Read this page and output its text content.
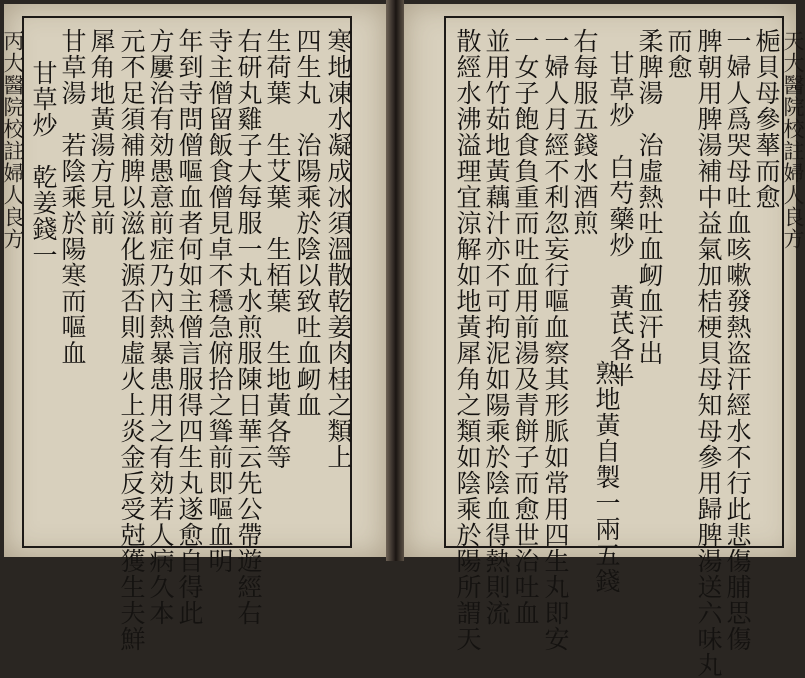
丙大醫院校註婦人良方	寒地凍水凝成冰須溫散乾姜肉桂之類上
四生丸　治陽乘於陰以致吐血衂血
生荷葉　生艾葉　生栢葉　生地黃各等
右研丸雞子大每服一丸水煎服陳日華云先公帶遊經右
寺主僧留飯食僧見卓不穩急俯拾之聳前即嘔血明
年到寺問僧嘔血者何如主僧言服得四生丸遂愈自得此
方屢治有効愚意前症乃內熱暴患用之有効若人病久本
元不足須補脾以滋化源否則虛火上炎金反受尅獲生夫鮮
犀角地黃湯方見前
甘草湯　若陰乘於陽寒而嘔血
甘草炒　乾姜錢一	梔貝母參蕐而愈
一婦人爲哭母吐血咳嗽發熱盗汗經水不行此悲傷脯思傷
脾朝用脾湯補中益氣加桔梗貝母知母參用歸脾湯送六味丸
而愈
柔脾湯　治虛熱吐血衂血汗出
甘草炒　白芍藥炒　黃芪各半
熟地黃自製一兩五錢
右每服五錢水酒煎
一婦人月經不利忽妄行嘔血察其形脈如常用四生丸即安
一女子飽食負重而吐血用前湯及青餅子而愈世治吐血
並用竹茹地黃藕汁亦不可拘泥如陽乘於陰血得熱則流
散經水沸溢理宜涼解如地黃犀角之類如陰乘於陽所謂天	天大醫院校註婦人良方
